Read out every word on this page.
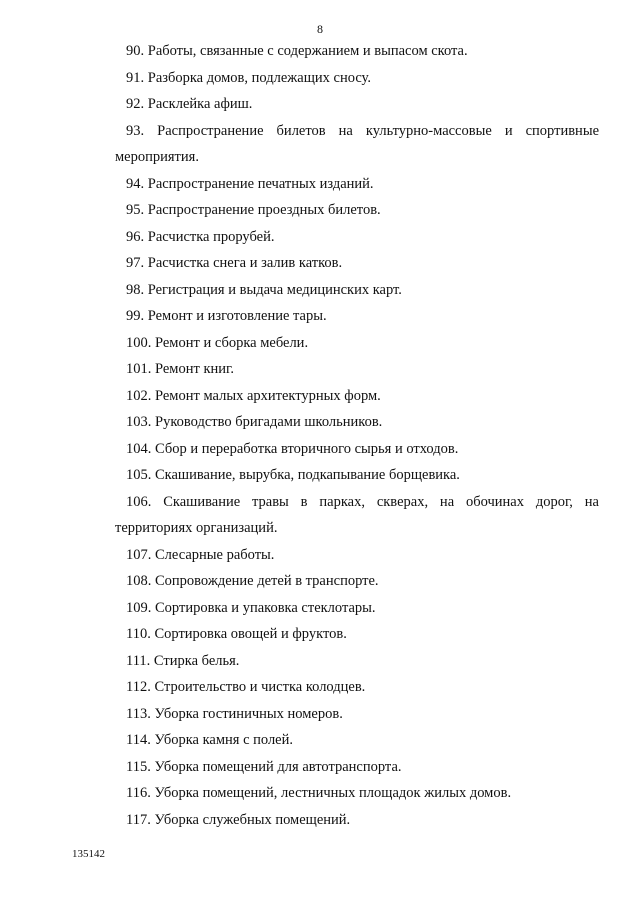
8
90. Работы, связанные с содержанием и выпасом скота.
91. Разборка домов, подлежащих сносу.
92. Расклейка афиш.
93. Распространение билетов на культурно-массовые и спортивные мероприятия.
94. Распространение печатных изданий.
95. Распространение проездных билетов.
96. Расчистка прорубей.
97. Расчистка снега и залив катков.
98. Регистрация и выдача медицинских карт.
99. Ремонт и изготовление тары.
100. Ремонт и сборка мебели.
101. Ремонт книг.
102. Ремонт малых архитектурных форм.
103. Руководство бригадами школьников.
104. Сбор и переработка вторичного сырья и отходов.
105. Скашивание, вырубка, подкапывание борщевика.
106. Скашивание травы в парках, скверах, на обочинах дорог, на территориях организаций.
107. Слесарные работы.
108. Сопровождение детей в транспорте.
109. Сортировка и упаковка стеклотары.
110. Сортировка овощей и фруктов.
111. Стирка белья.
112. Строительство и чистка колодцев.
113. Уборка гостиничных номеров.
114. Уборка камня с полей.
115. Уборка помещений для автотранспорта.
116. Уборка помещений, лестничных площадок жилых домов.
117. Уборка служебных помещений.
135142
